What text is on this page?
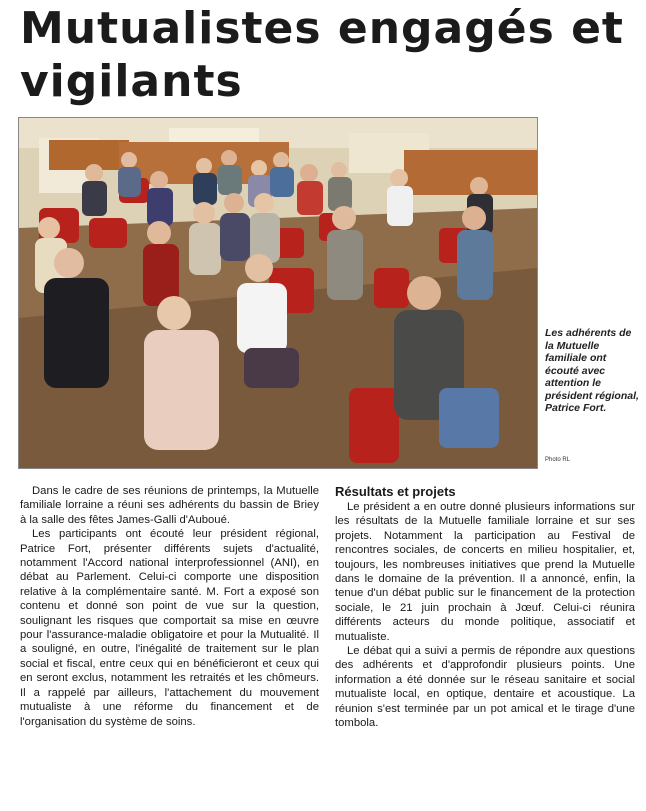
Mutualistes engagés et vigilants
Les adhérents de la Mutuelle familiale ont écouté avec attention le président régional, Patrice Fort.
Photo RL

Dans le cadre de ses réunions de printemps, la Mutuelle familiale lorraine a réuni ses adhérents du bassin de Briey à la salle des fêtes James-Galli d'Auboué.

Les participants ont écouté leur président régional, Patrice Fort, présenter différents sujets d'actualité, notamment l'Accord national interprofessionnel (ANI), en débat au Parlement. Celui-ci comporte une disposition relative à la complémentaire santé. M. Fort a exposé son contenu et donné son point de vue sur la question, soulignant les risques que comportait sa mise en œuvre pour l'assurance-maladie obligatoire et pour la Mutualité. Il a souligné, en outre, l'inégalité de traitement sur le plan social et fiscal, entre ceux qui en bénéficieront et ceux qui en seront exclus, notamment les retraités et les chômeurs. Il a rappelé par ailleurs, l'attachement du mouvement mutualiste à une réforme du financement et de l'organisation du système de soins.

Résultats et projets

Le président a en outre donné plusieurs informations sur les résultats de la Mutuelle familiale lorraine et sur ses projets. Notamment la participation au Festival de rencontres sociales, de concerts en milieu hospitalier, et, toujours, les nombreuses initiatives que prend la Mutuelle dans le domaine de la prévention. Il a annoncé, enfin, la tenue d'un débat public sur le financement de la protection sociale, le 21 juin prochain à Jœuf. Celui-ci réunira différents acteurs du monde politique, associatif et mutualiste.

Le débat qui a suivi a permis de répondre aux questions des adhérents et d'approfondir plusieurs points. Une information a été donnée sur le réseau sanitaire et social mutualiste local, en optique, dentaire et acoustique. La réunion s'est terminée par un pot amical et le tirage d'une tombola.
